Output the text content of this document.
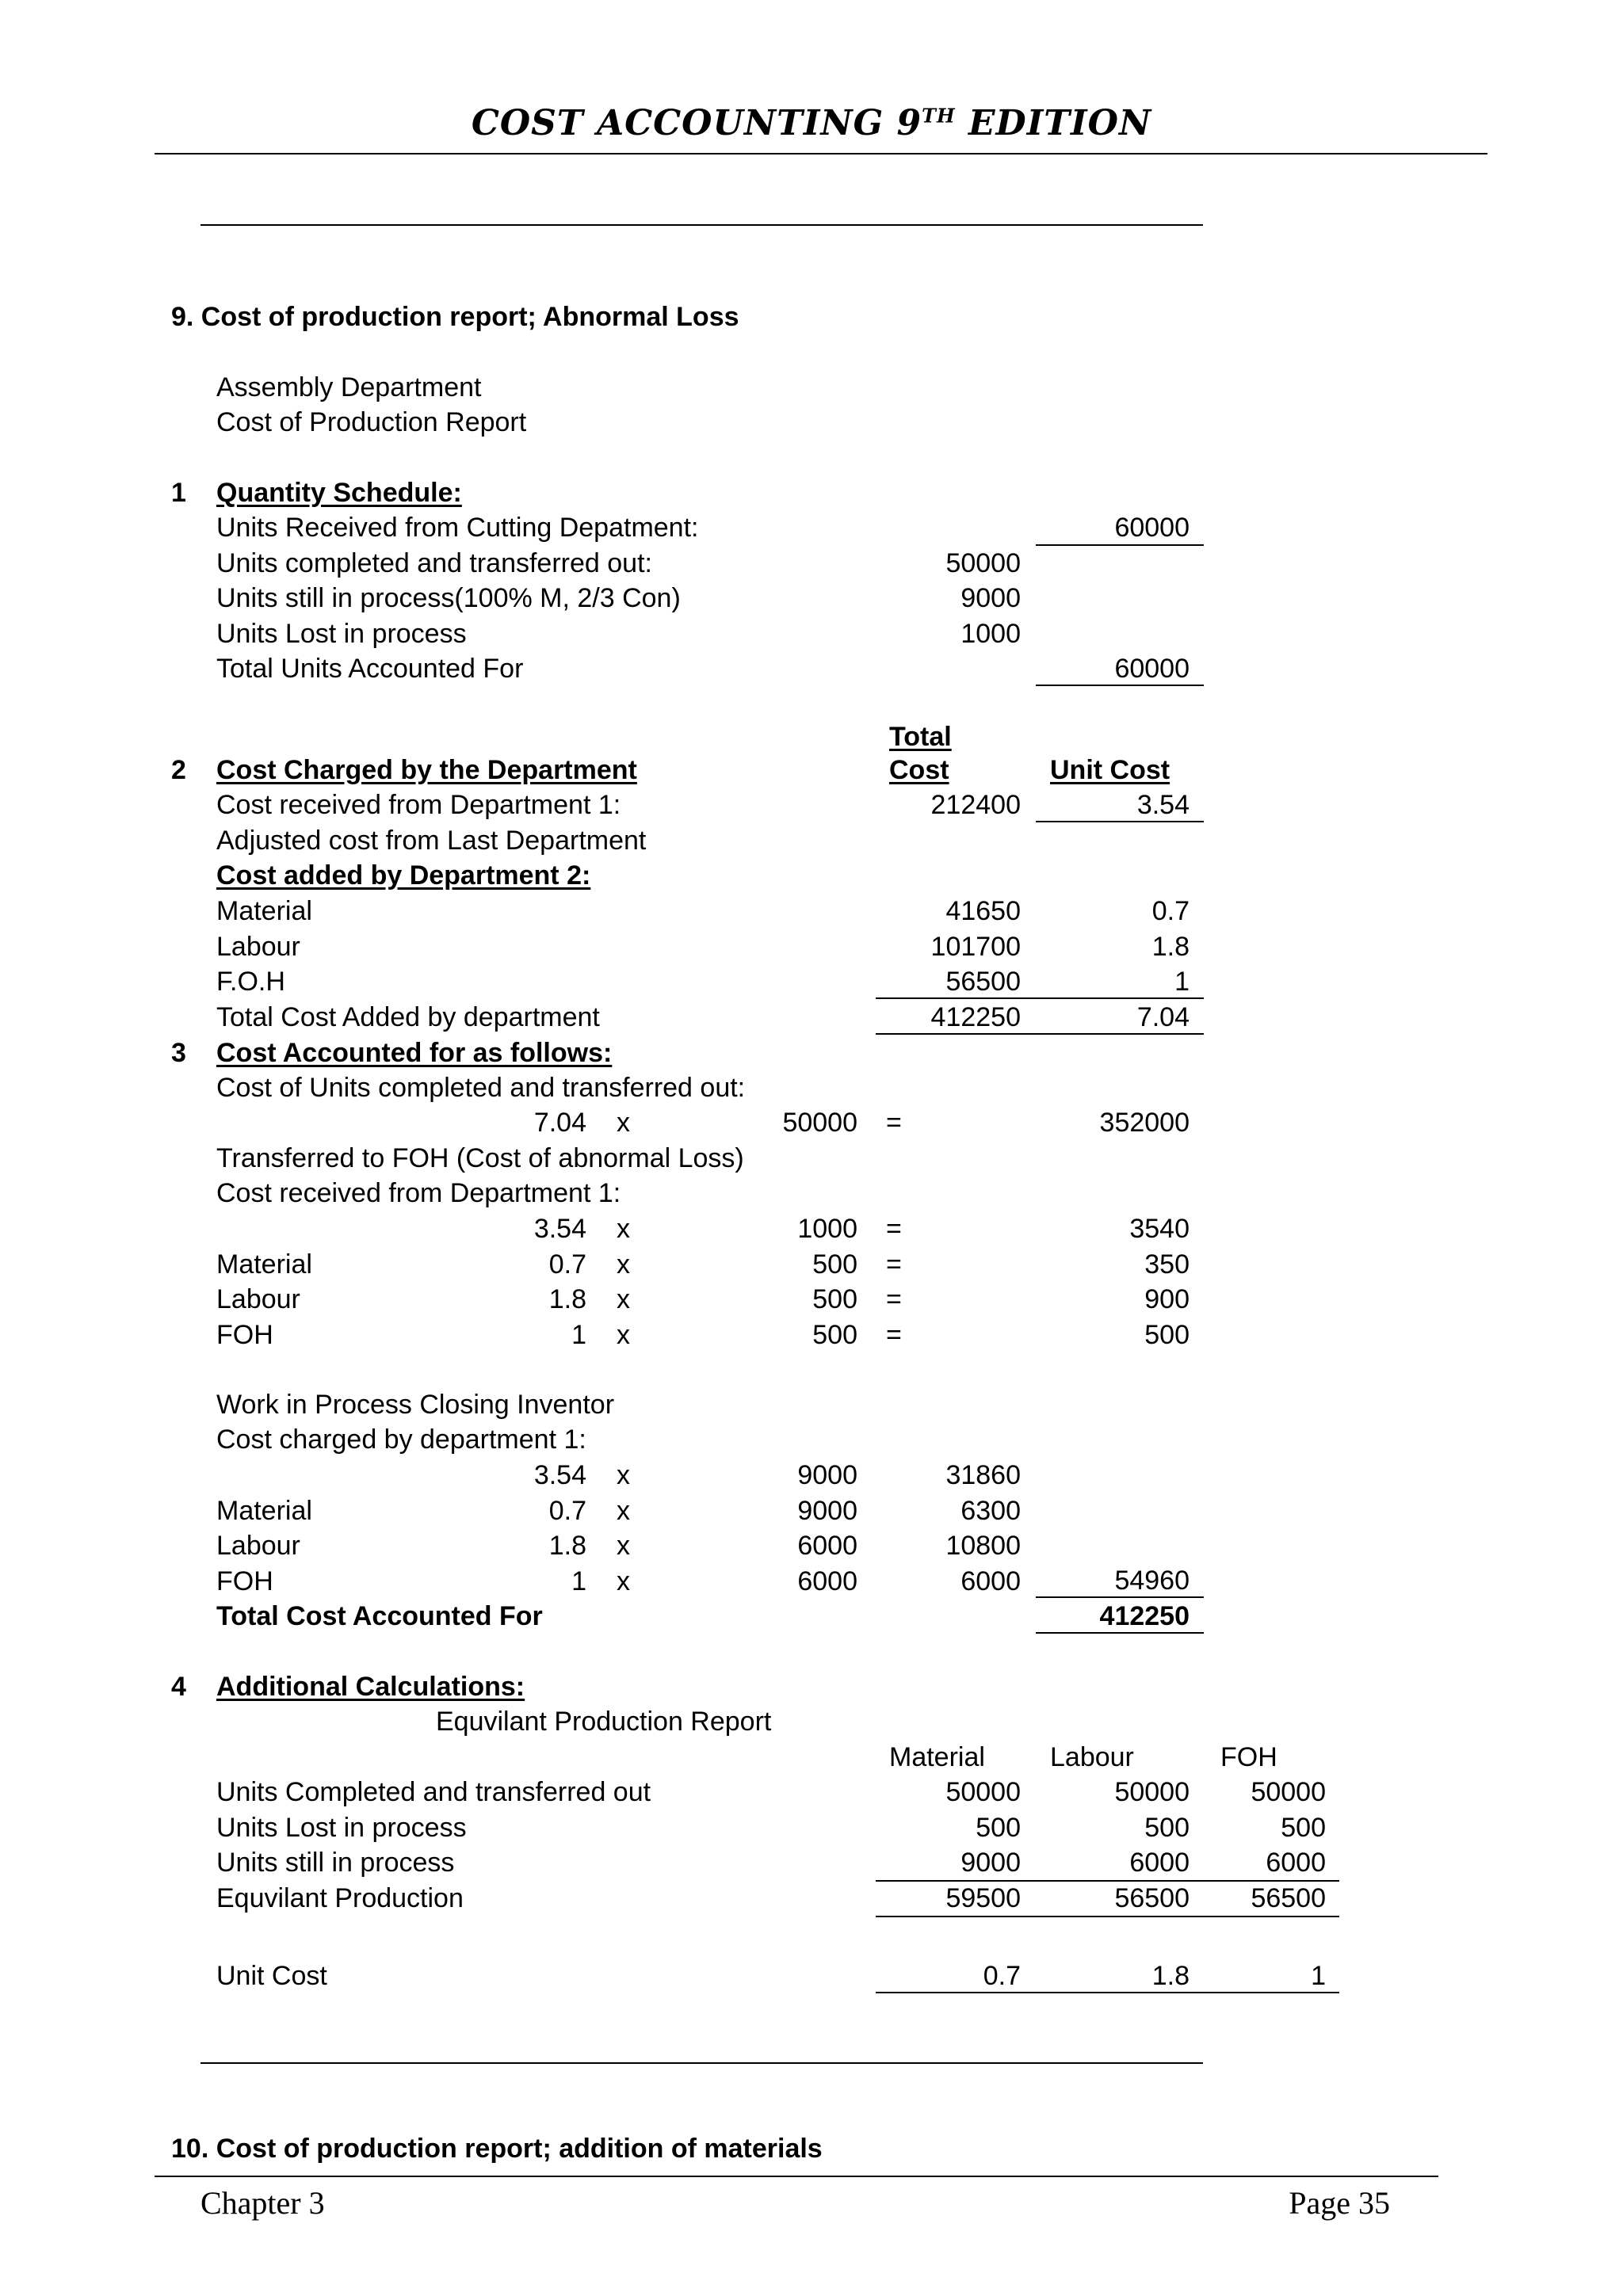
COST ACCOUNTING 9TH EDITION
9. Cost of production report; Abnormal Loss
Assembly Department
Cost of Production Report
1 Quantity Schedule:
Units Received from Cutting Depatment:	60000
Units completed and transferred out:	50000
Units still in process(100% M, 2/3 Con)	9000
Units Lost in process	1000
Total Units Accounted For	60000
Total
2 Cost Charged by the Department	Cost	Unit Cost
Cost received from Department 1:	212400	3.54
Adjusted cost from Last Department
Cost added by Department 2:
Material	41650	0.7
Labour	101700	1.8
F.O.H	56500	1
Total Cost Added by department	412250	7.04
3 Cost Accounted for as follows:
Cost of Units completed and transferred out:
7.04 x	50000 =	352000
Transferred to FOH (Cost of abnormal Loss)
Cost received from Department 1:
3.54 x	1000 =	3540
Material	0.7 x	500 =	350
Labour	1.8 x	500 =	900
FOH	1 x	500 =	500
Work in Process Closing Inventor
Cost charged by department 1:
3.54 x	9000	31860
Material	0.7 x	9000	6300
Labour	1.8 x	6000	10800
FOH	1 x	6000	6000	54960
Total Cost Accounted For	412250
4 Additional Calculations:
Equvilant Production Report
Material Labour	FOH
Units Completed and transferred out	50000	50000 50000
Units Lost in process	500	500	500
Units still in process	9000	6000	6000
Equvilant Production	59500	56500 56500
Unit Cost	0.7	1.8	1
10. Cost of production report; addition of materials
Chapter 3	Page 35
